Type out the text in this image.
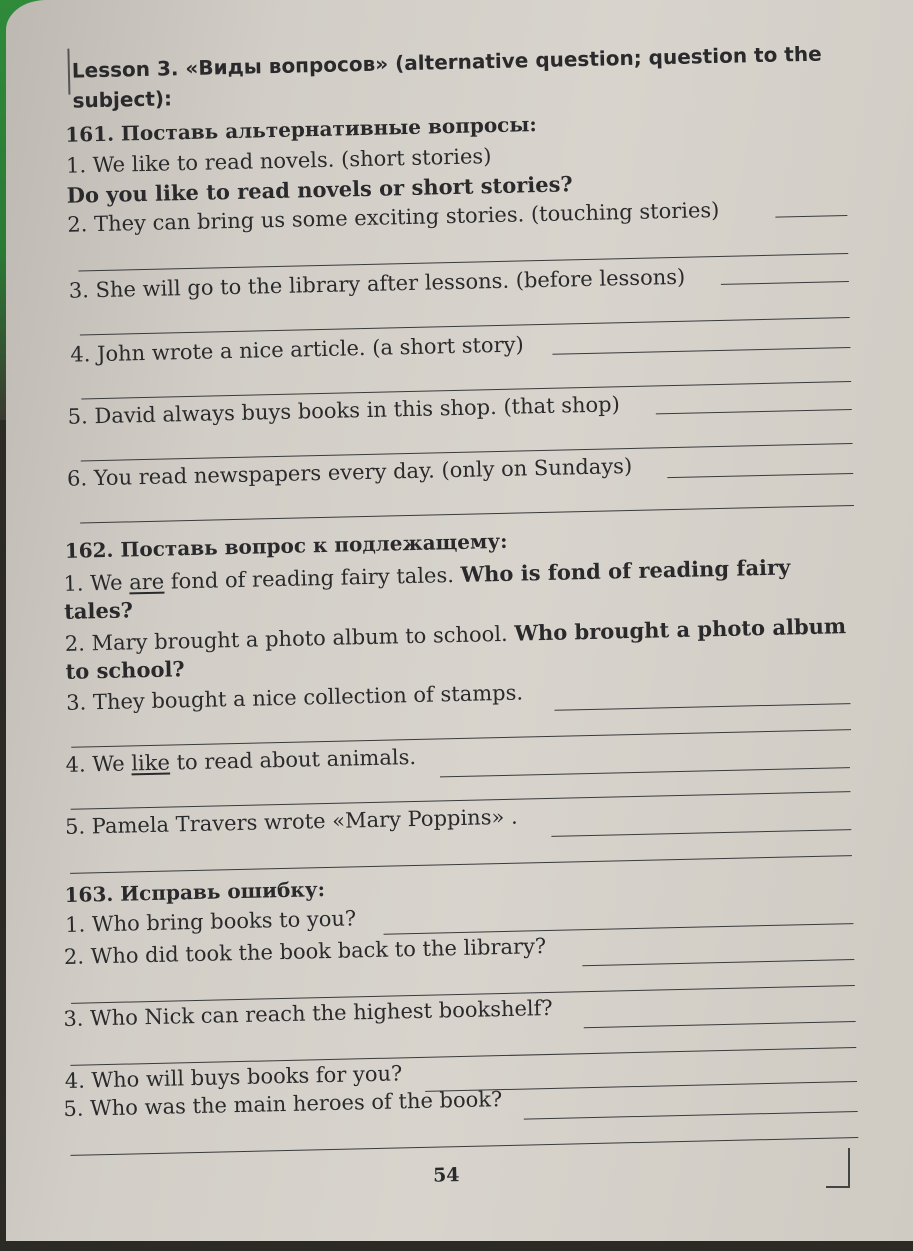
Lesson 3. «Виды вопросов» (alternative question; question to the
subject):
161. Поставь альтернативные вопросы:
1. We like to read novels. (short stories)
Do you like to read novels or short stories?
2. They can bring us some exciting stories. (touching stories)
3. She will go to the library after lessons. (before lessons)
4. John wrote a nice article. (a short story)
5. David always buys books in this shop. (that shop)
6. You read newspapers every day. (only on Sundays)
162. Поставь вопрос к подлежащему:
1. We are fond of reading fairy tales. Who is fond of reading fairy
tales?
2. Mary brought a photo album to school. Who brought a photo album
to school?
3. They bought a nice collection of stamps.
4. We like to read about animals.
5. Pamela Travers wrote «Mary Poppins» .
163. Исправь ошибку:
1. Who bring books to you?
2. Who did took the book back to the library?
3. Who Nick can reach the highest bookshelf?
4. Who will buys books for you?
5. Who was the main heroes of the book?
54
